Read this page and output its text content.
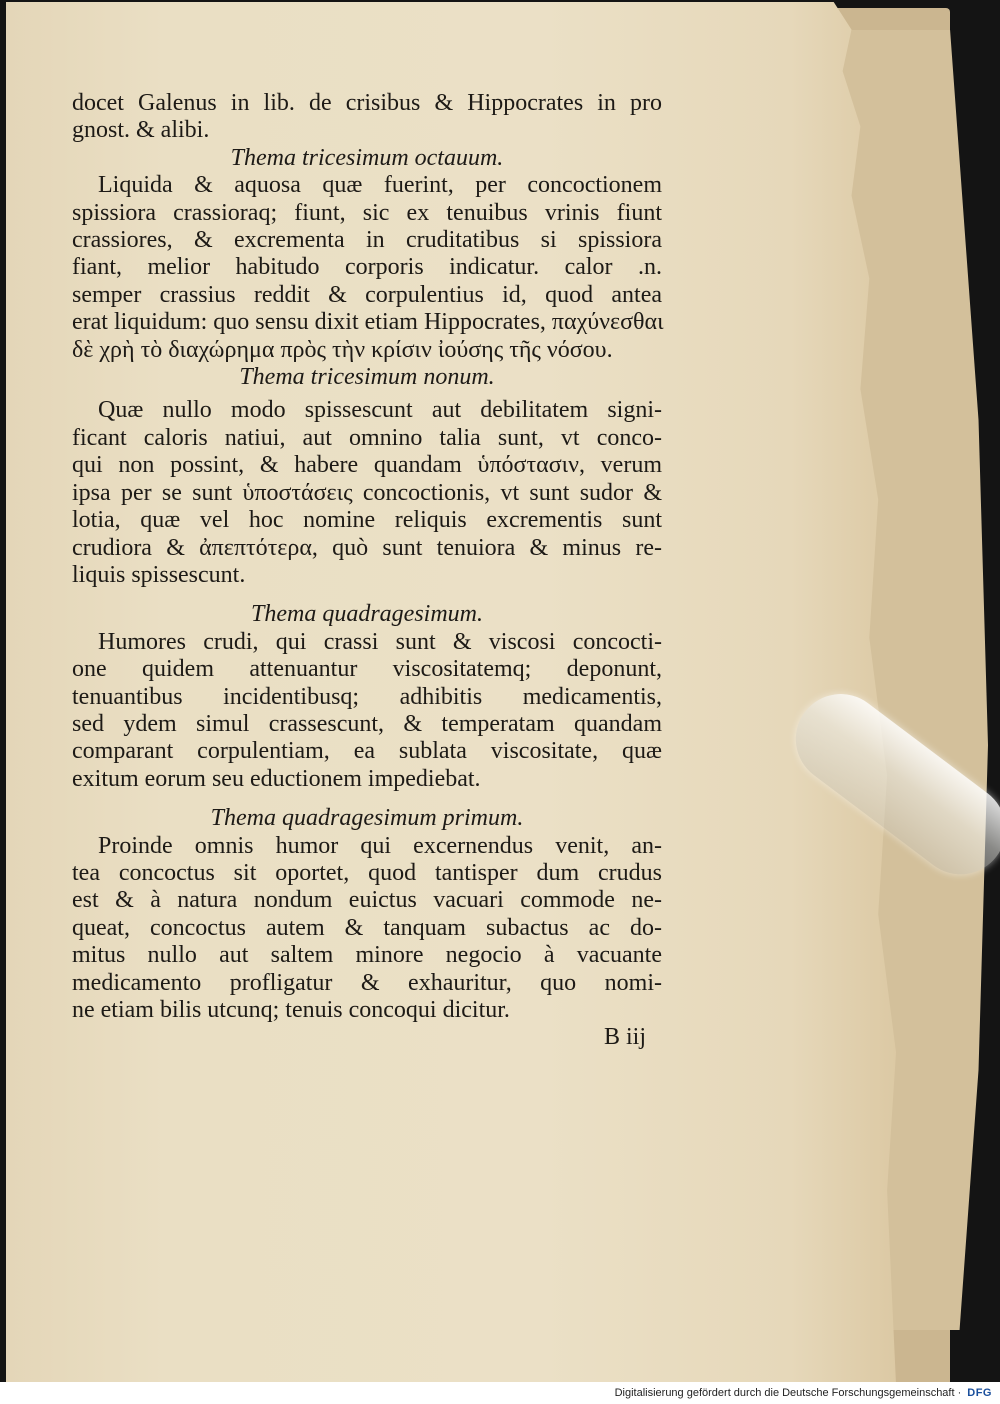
docet Galenus in lib. de crisibus & Hippocrates in pro
gnost. & alibi.
Thema tricesimum octauum.
Liquida & aquosa quæ fuerint, per concoctionem
spissiora crassioraq; fiunt, sic ex tenuibus vrinis fiunt
crassiores, & excrementa in cruditatibus si spissiora
fiant, melior habitudo corporis indicatur. calor .n.
semper crassius reddit & corpulentius id, quod antea
erat liquidum: quo sensu dixit etiam Hippocrates, παχύνεσθαι
δὲ χρὴ τὸ διαχώρημα πρὸς τὴν κρίσιν ἰούσης τῆς νόσου.
Thema tricesimum nonum.
Quæ nullo modo spissescunt aut debilitatem signi-
ficant caloris natiui, aut omnino talia sunt, vt conco-
qui non possint, & habere quandam ὑπόστασιν, verum
ipsa per se sunt ὑποστάσεις concoctionis, vt sunt sudor &
lotia, quæ vel hoc nomine reliquis excrementis sunt
crudiora & ἀπεπτότερα, quò sunt tenuiora & minus re-
liquis spissescunt.
Thema quadragesimum.
Humores crudi, qui crassi sunt & viscosi concocti-
one quidem attenuantur viscositatemq; deponunt,
tenuantibus incidentibusq; adhibitis medicamentis,
sed ydem simul crassescunt, & temperatam quandam
comparant corpulentiam, ea sublata viscositate, quæ
exitum eorum seu eductionem impediebat.
Thema quadragesimum primum.
Proinde omnis humor qui excernendus venit, an-
tea concoctus sit oportet, quod tantisper dum crudus
est & à natura nondum euictus vacuari commode ne-
queat, concoctus autem & tanquam subactus ac do-
mitus nullo aut saltem minore negocio à vacuante
medicamento profligatur & exhauritur, quo nomi-
ne etiam bilis utcunq; tenuis concoqui dicitur.
B iij
Digitalisierung gefördert durch die Deutsche Forschungsgemeinschaft · DFG
